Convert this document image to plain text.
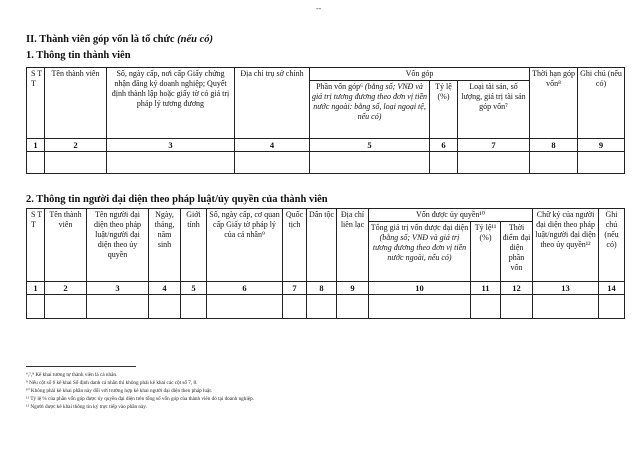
--
II. Thành viên góp vốn là tổ chức (nếu có)
1. Thông tin thành viên
S T T	Tên thành viên	Số, ngày cấp, nơi cấp Giấy chứng nhận đăng ký doanh nghiệp; Quyết định thành lập hoặc giấy tờ có giá trị pháp lý tương đương	Địa chỉ trụ sở chính	Vốn góp			Thời hạn góp vốn⁸	Ghi chú (nếu có)
				Phần vốn góp⁶ (bằng số; VNĐ và giá trị tương đương theo đơn vị tiền nước ngoài: bằng số, loại ngoại tệ, nếu có)	Tỷ lệ (%)	Loại tài sản, số lượng, giá trị tài sản góp vốn⁷		
1	2	3	4	5	6	7	8	9

2. Thông tin người đại diện theo pháp luật/ủy quyền của thành viên
S T T	Tên thành viên	Tên người đại diện theo pháp luật/người đại diện theo ủy quyền	Ngày, tháng, năm sinh	Giới tính	Số, ngày cấp, cơ quan cấp Giấy tờ pháp lý của cá nhân⁹	Quốc tịch	Dân tộc	Địa chỉ liên lạc	Vốn được ủy quyền¹⁰			Chữ ký của người đại diện theo pháp luật/người đại diện theo ủy quyền¹²	Ghi chú (nếu có)
									Tổng giá trị vốn được đại diện (bằng số; VNĐ và giá trị tương đương theo đơn vị tiền nước ngoài, nếu có)	Tỷ lệ¹¹ (%)	Thời điểm đại diện phần vốn		
1	2	3	4	5	6	7	8	9	10	11	12	13	14

⁶,⁷,⁸ Kê khai tương tự thành viên là cá nhân.
⁹ Nếu cột số 6 kê khai Số định danh cá nhân thì không phải kê khai các cột số 7, 8.
¹⁰ Không phải kê khai phần này đối với trường hợp kê khai người đại diện theo pháp luật.
¹¹ Tỷ lệ % của phần vốn góp được ủy quyền đại diện trên tổng số vốn góp của thành viên đó tại doanh nghiệp.
¹² Người được kê khai thông tin ký trực tiếp vào phần này.
